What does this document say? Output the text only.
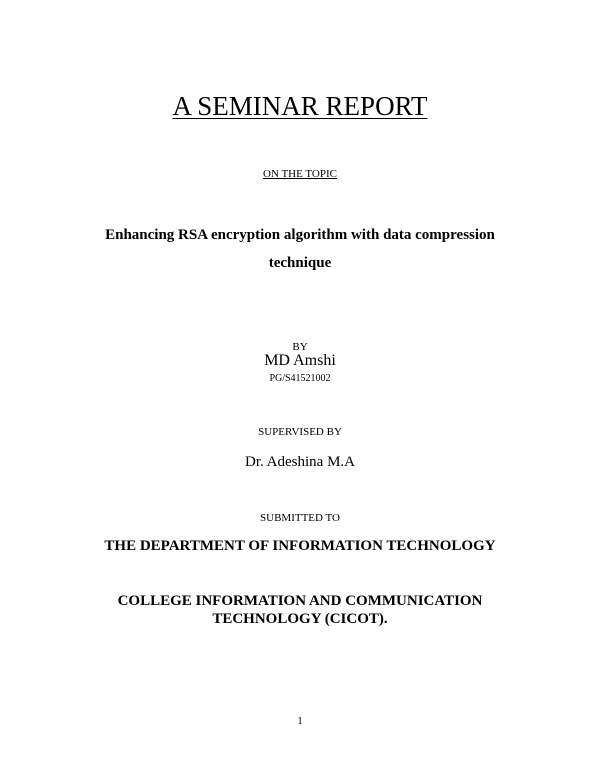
A SEMINAR REPORT
ON THE TOPIC
Enhancing RSA encryption algorithm with data compression
technique
BY
MD Amshi
PG/S41521002
SUPERVISED BY
Dr. Adeshina M.A
SUBMITTED TO
THE DEPARTMENT OF INFORMATION TECHNOLOGY
COLLEGE INFORMATION AND COMMUNICATION
TECHNOLOGY (CICOT).
1
